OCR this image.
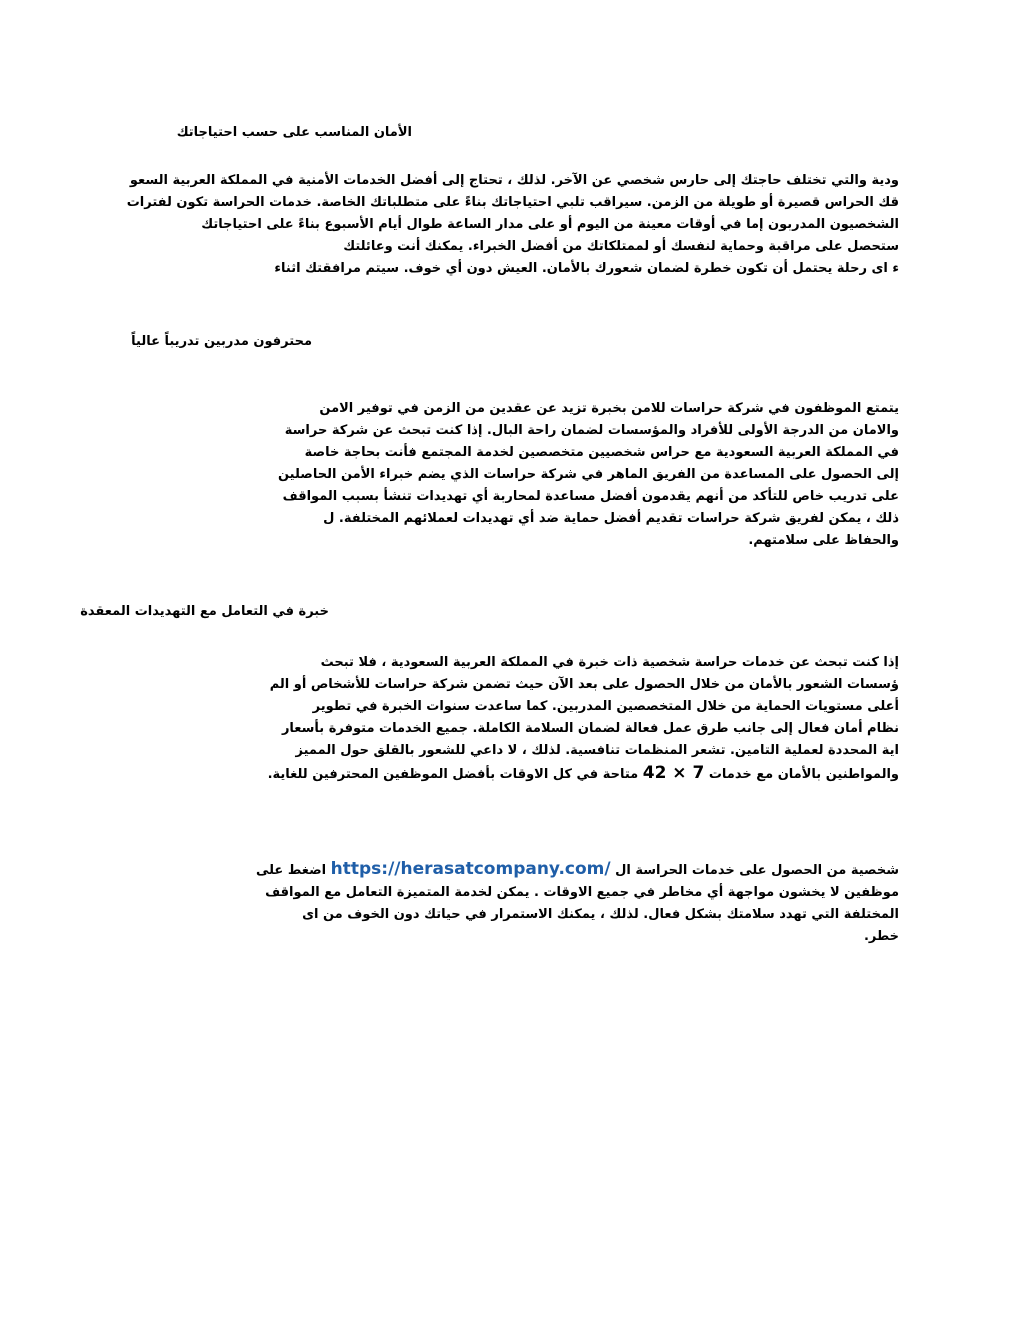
الأمان المناسب على حسب احتياجاتك
ودية والتي تختلف حاجتك إلى حارس شخصي عن الآخر. لذلك ، تحتاج إلى أفضل الخدمات الأمنية في المملكة العربية السعو
قك الحراس قصيرة أو طويلة من الزمن. سيراقب تلبي احتياجاتك بناءً على متطلباتك الخاصة. خدمات الحراسة تكون لفترات
الشخصيون المدربون إما في أوقات معينة من اليوم أو على مدار الساعة طوال أيام الأسبوع بناءً على احتياجاتك
ستحصل على مراقبة وحماية لنفسك أو لممتلكاتك من أفضل الخبراء. يمكنك أنت وعائلتك
ء اى رحلة يحتمل أن تكون خطرة لضمان شعورك بالأمان. العيش دون أي خوف. سيتم مرافقتك اثناء
محترفون مدربين تدريباً عالياً
يتمتع الموظفون في شركة حراسات للامن بخبرة تزيد عن عقدين من الزمن في توفير الامن
والامان من الدرجة الأولى للأفراد والمؤسسات لضمان راحة البال. إذا كنت تبحث عن شركة حراسة
في المملكة العربية السعودية مع حراس شخصيين متخصصين لخدمة المجتمع فأنت بحاجة خاصة
إلى الحصول على المساعدة من الفريق الماهر في شركة حراسات الذي يضم خبراء الأمن الحاصلين
على تدريب خاص للتأكد من أنهم يقدمون أفضل مساعدة لمحاربة أي تهديدات تنشأ بسبب المواقف
ذلك ، يمكن لفريق شركة حراسات تقديم أفضل حماية ضد أي تهديدات لعملائهم المختلفة. ل
والحفاظ على سلامتهم.
خبرة في التعامل مع التهديدات المعقدة
إذا كنت تبحث عن خدمات حراسة شخصية ذات خبرة في المملكة العربية السعودية ، فلا تبحث
ؤسسات الشعور بالأمان من خلال الحصول على بعد الآن حيث تضمن شركة حراسات للأشخاص أو الم
أعلى مستويات الحماية من خلال المتخصصين المدربين. كما ساعدت سنوات الخبرة في تطوير
نظام أمان فعال إلى جانب طرق عمل فعالة لضمان السلامة الكاملة. جميع الخدمات متوفرة بأسعار
اية المحددة لعملية التامين. تشعر المنظمات تنافسية. لذلك ، لا داعي للشعور بالقلق حول المميز
والمواطنين بالأمان مع خدمات 42 × 7 متاحة في كل الاوقات بأفضل الموظفين المحترفين للغاية.
شخصية من الحصول على خدمات الحراسة ال https://herasatcompany.com/ اضغط على
موظفين لا يخشون مواجهة أي مخاطر في جميع الاوقات . يمكن لخدمة المتميزة التعامل مع المواقف
المختلفة التي تهدد سلامتك بشكل فعال. لذلك ، يمكنك الاستمرار في حياتك دون الخوف من اى
خطر.
